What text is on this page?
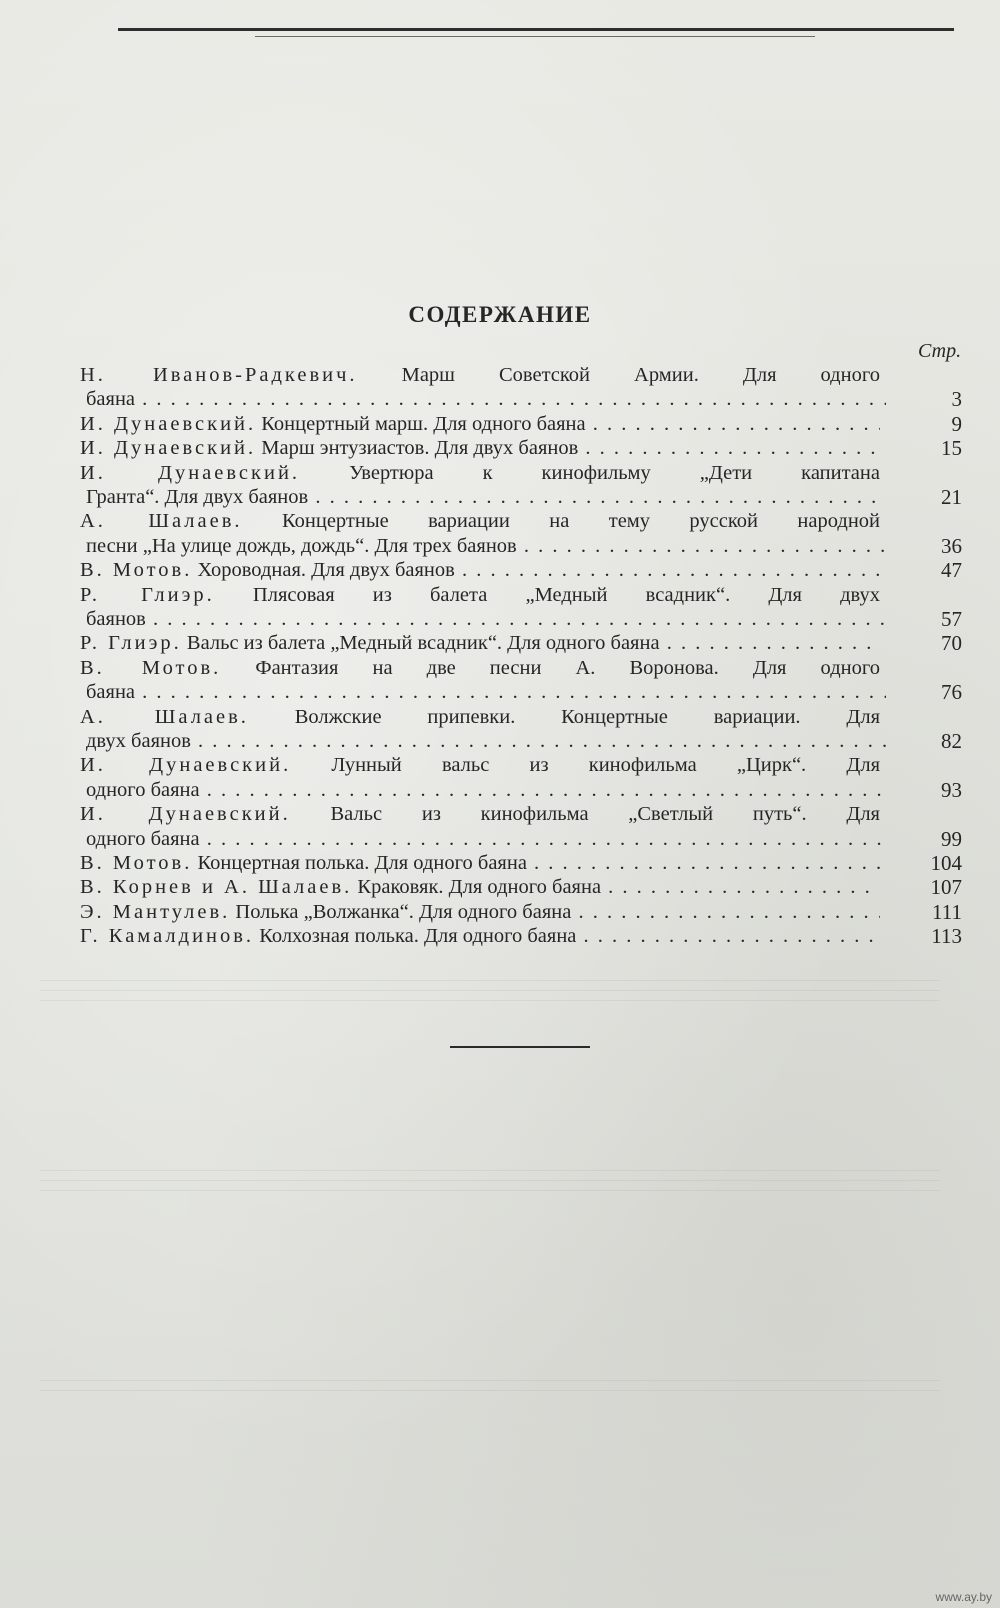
СОДЕРЖАНИЕ
Стр.
Н. Иванов-Радкевич. Марш Советской Армии. Для одного
баяна . . .	3
И. Дунаевский. Концертный марш. Для одного баяна . . .	9
И. Дунаевский. Марш энтузиастов. Для двух баянов . . .	15
И. Дунаевский. Увертюра к кинофильму „Дети капитана
Гранта“. Для двух баянов . . .	21
А. Шалаев. Концертные вариации на тему русской народной
песни „На улице дождь, дождь“. Для трех баянов . . .	36
В. Мотов. Хороводная. Для двух баянов . . .	47
Р. Глиэр. Плясовая из балета „Медный всадник“. Для двух
баянов . . .	57
Р. Глиэр. Вальс из балета „Медный всадник“. Для одного баяна . . .	70
В. Мотов. Фантазия на две песни А. Воронова. Для одного
баяна . . .	76
А. Шалаев. Волжские припевки. Концертные вариации. Для
двух баянов . . .	82
И. Дунаевский. Лунный вальс из кинофильма „Цирк“. Для
одного баяна . . .	93
И. Дунаевский. Вальс из кинофильма „Светлый путь“. Для
одного баяна . . .	99
В. Мотов. Концертная полька. Для одного баяна . . .	104
В. Корнев и А. Шалаев. Краковяк. Для одного баяна . . .	107
Э. Мантулев. Полька „Волжанка“. Для одного баяна . . .	111
Г. Камалдинов. Колхозная полька. Для одного баяна . . .	113
www.ay.by
